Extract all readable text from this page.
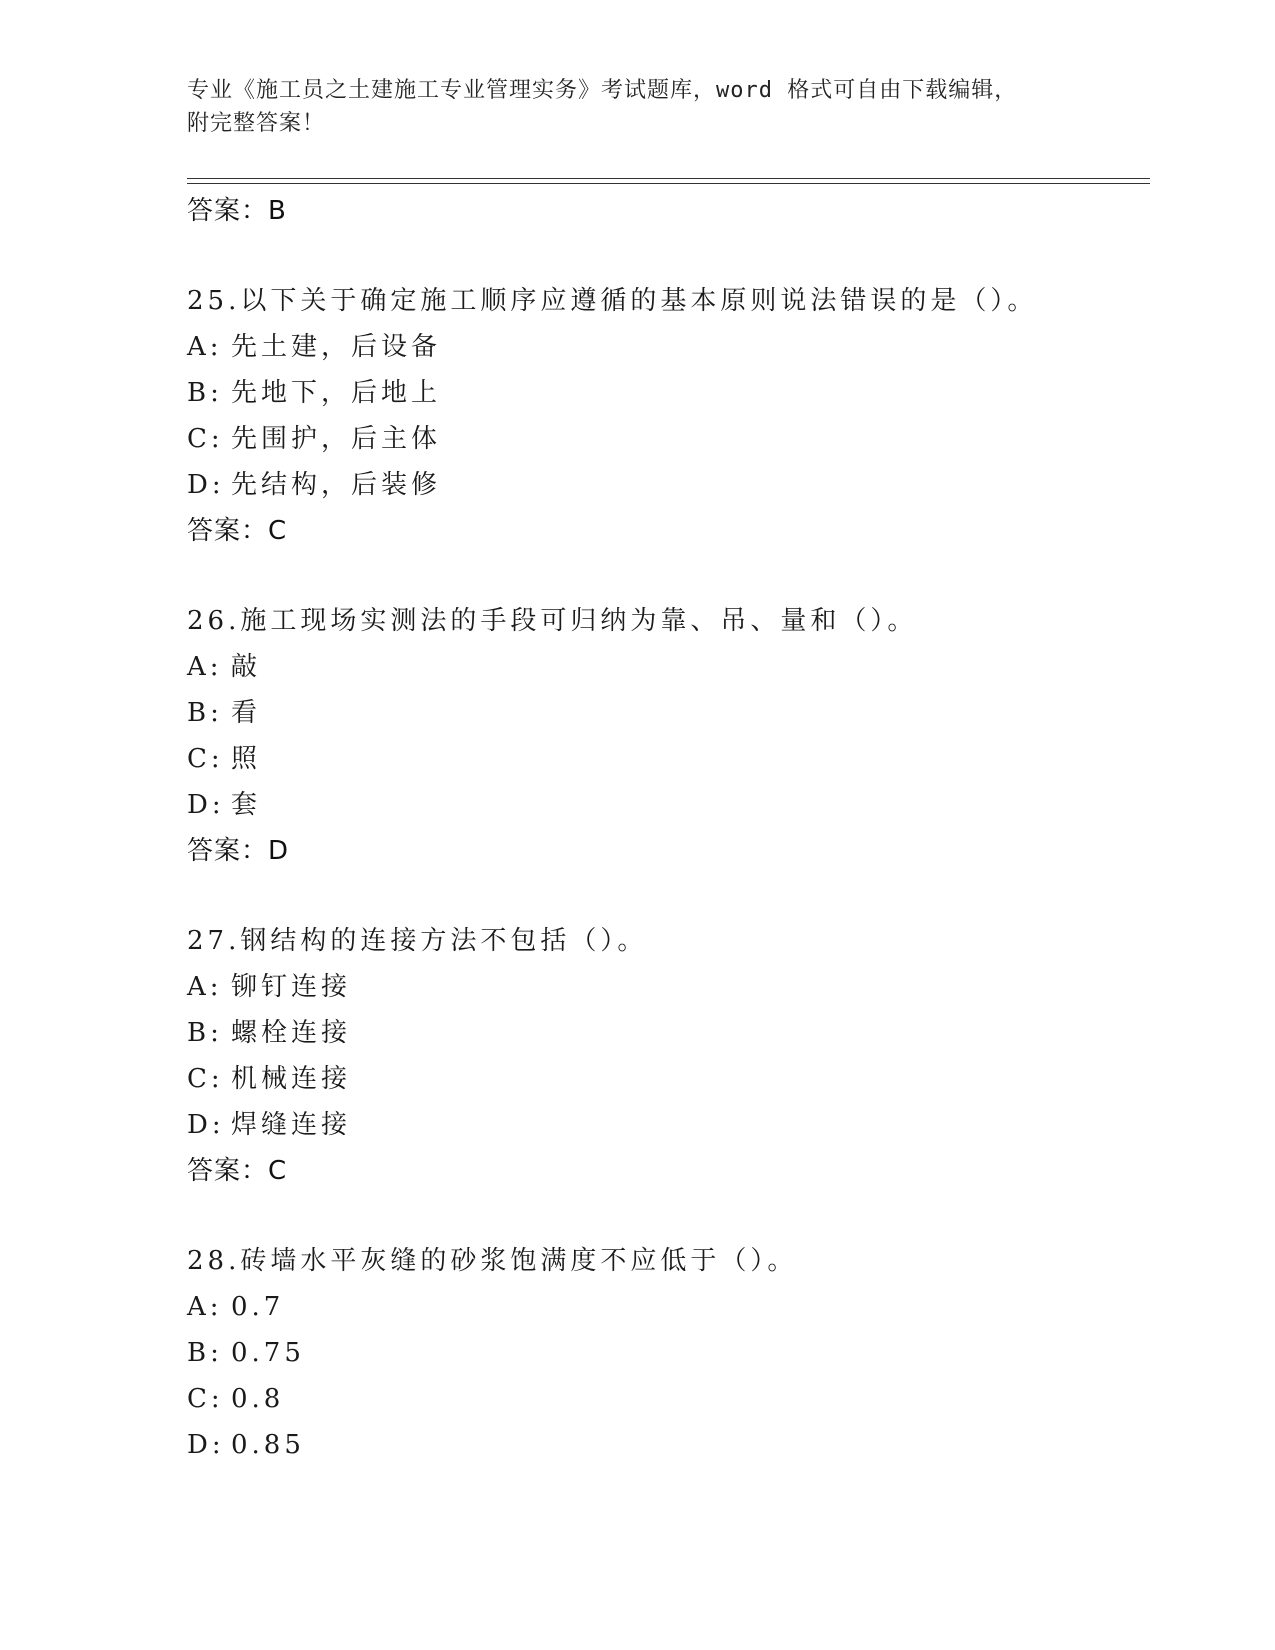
专业《施工员之土建施工专业管理实务》考试题库，word 格式可自由下载编辑，
附完整答案！
答案：B
25.以下关于确定施工顺序应遵循的基本原则说法错误的是（）。
A: 先土建，后设备
B: 先地下，后地上
C: 先围护，后主体
D: 先结构，后装修
答案：C
26.施工现场实测法的手段可归纳为靠、吊、量和（）。
A: 敲
B: 看
C: 照
D: 套
答案：D
27.钢结构的连接方法不包括（）。
A: 铆钉连接
B: 螺栓连接
C: 机械连接
D: 焊缝连接
答案：C
28.砖墙水平灰缝的砂浆饱满度不应低于（）。
A: 0.7
B: 0.75
C: 0.8
D: 0.85
